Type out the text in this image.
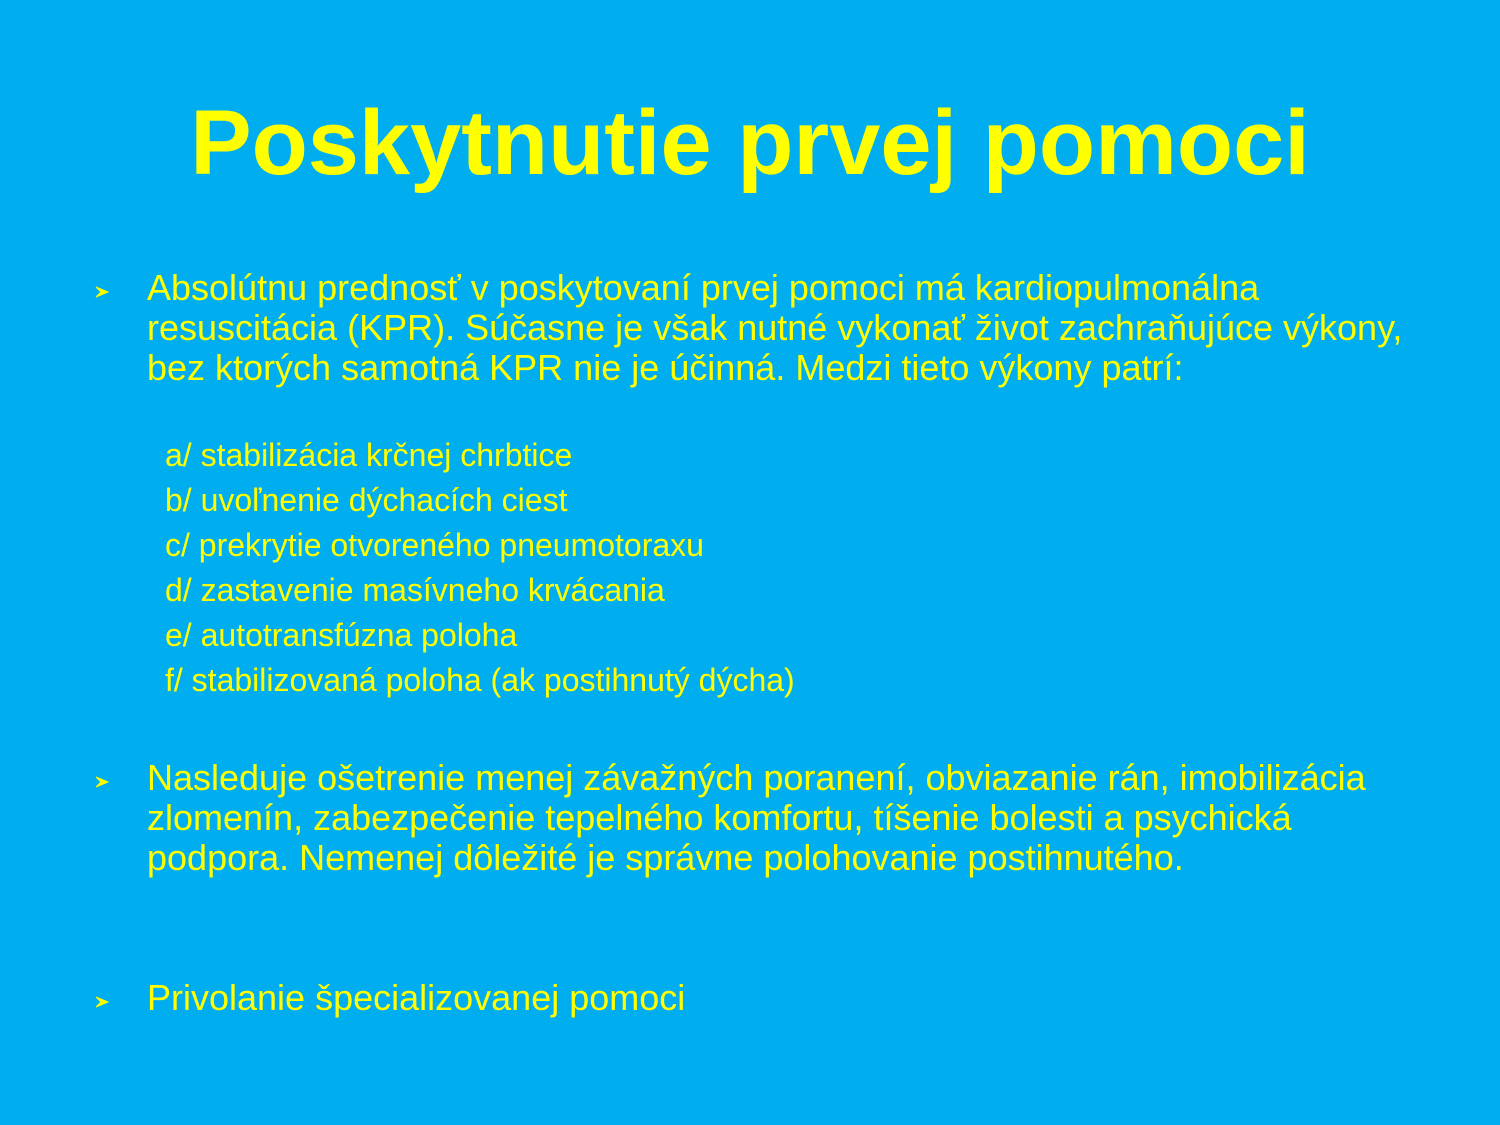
Poskytnutie prvej pomoci
Absolútnu prednosť v poskytovaní prvej pomoci má kardiopulmonálna resuscitácia (KPR). Súčasne je však nutné vykonať život zachraňujúce výkony, bez ktorých samotná KPR nie je účinná. Medzi tieto výkony patrí:
a/ stabilizácia krčnej chrbtice
b/ uvoľnenie dýchacích ciest
c/ prekrytie otvoreného pneumotoraxu
d/ zastavenie masívneho krvácania
e/ autotransfúzna poloha
f/ stabilizovaná poloha (ak postihnutý dýcha)
Nasleduje ošetrenie menej závažných poranení, obviazanie rán, imobilizácia zlomenín, zabezpečenie tepelného komfortu, tíšenie bolesti a psychická podpora. Nemenej dôležité je správne polohovanie postihnutého.
Privolanie špecializovanej pomoci
